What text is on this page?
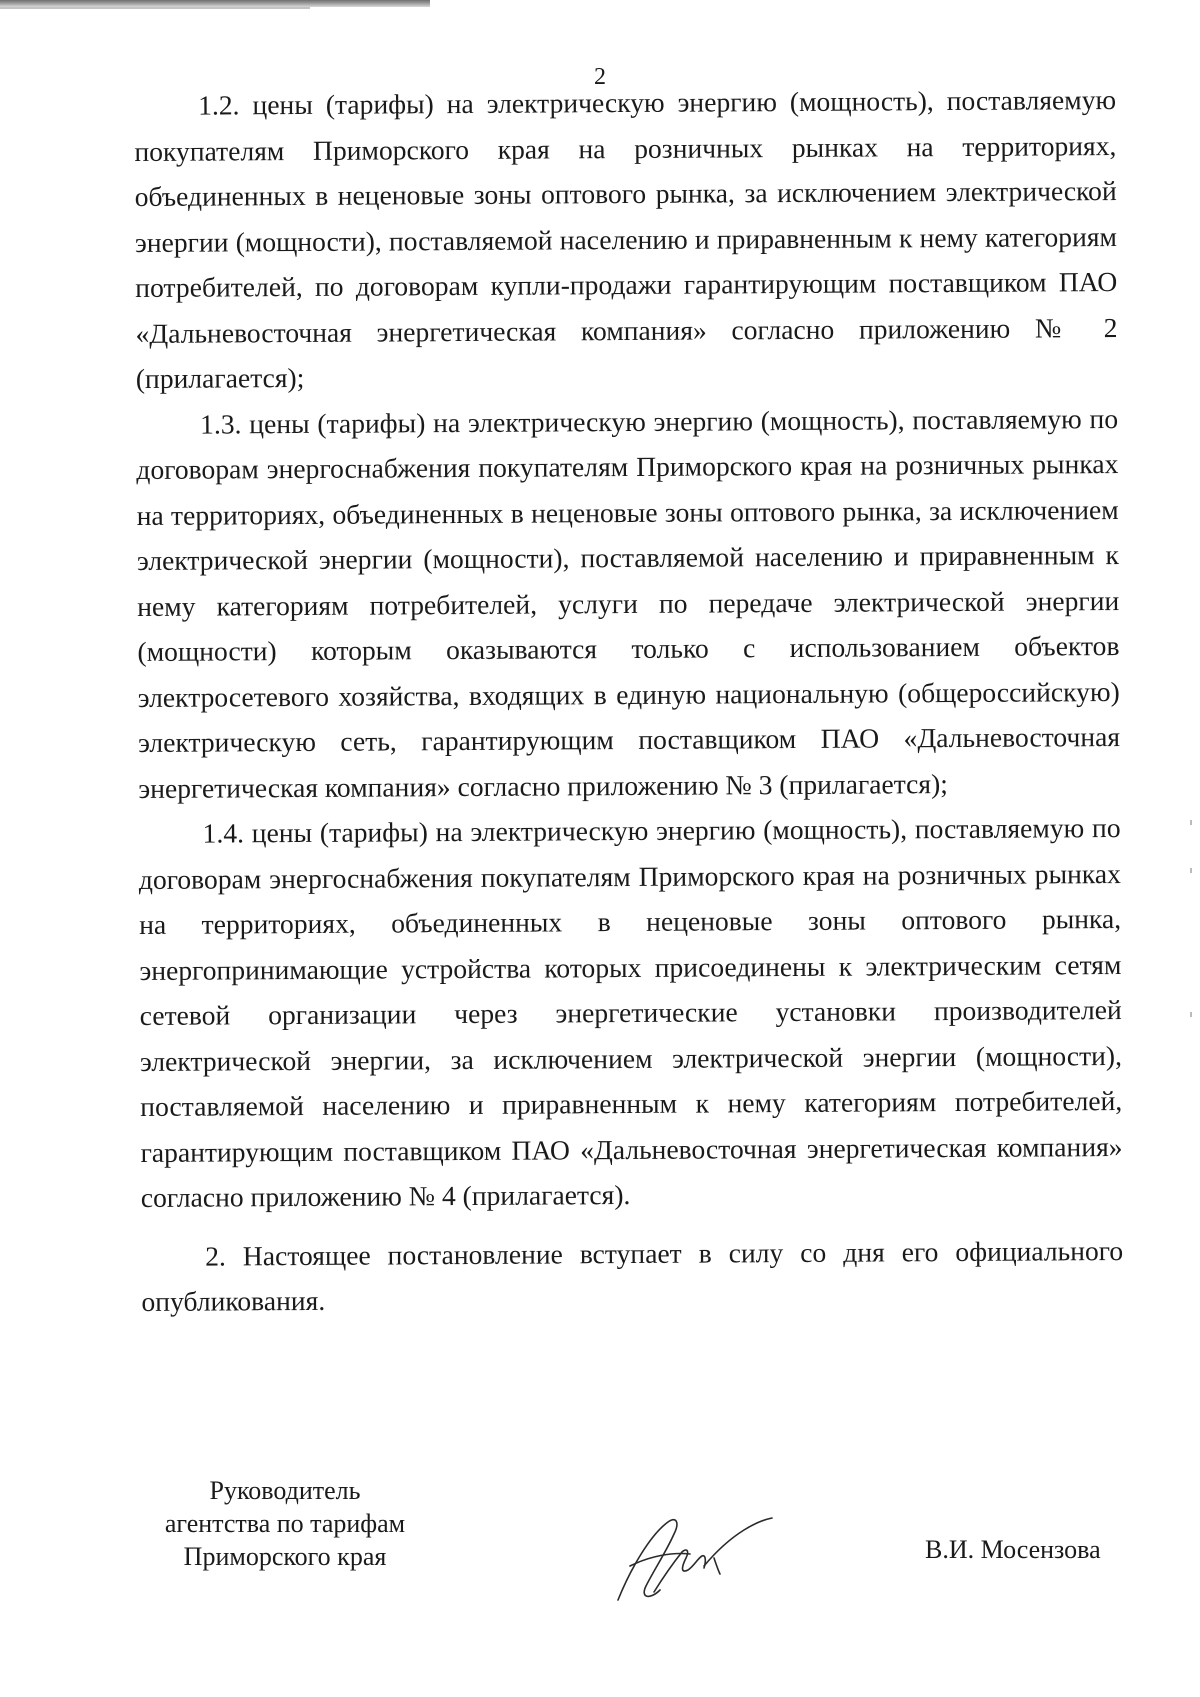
2

1.2. цены (тарифы) на электрическую энергию (мощность), поставляемую покупателям Приморского края на розничных рынках на территориях, объединенных в неценовые зоны оптового рынка, за исключением электрической энергии (мощности), поставляемой населению и приравненным к нему категориям потребителей, по договорам купли-продажи гарантирующим поставщиком ПАО «Дальневосточная энергетическая компания» согласно приложению № 2 (прилагается);

1.3. цены (тарифы) на электрическую энергию (мощность), поставляемую по договорам энергоснабжения покупателям Приморского края на розничных рынках на территориях, объединенных в неценовые зоны оптового рынка, за исключением электрической энергии (мощности), поставляемой населению и приравненным к нему категориям потребителей, услуги по передаче электрической энергии (мощности) которым оказываются только с использованием объектов электросетевого хозяйства, входящих в единую национальную (общероссийскую) электрическую сеть, гарантирующим поставщиком ПАО «Дальневосточная энергетическая компания» согласно приложению № 3 (прилагается);

1.4. цены (тарифы) на электрическую энергию (мощность), поставляемую по договорам энергоснабжения покупателям Приморского края на розничных рынках на территориях, объединенных в неценовые зоны оптового рынка, энергопринимающие устройства которых присоединены к электрическим сетям сетевой организации через энергетические установки производителей электрической энергии, за исключением электрической энергии (мощности), поставляемой населению и приравненным к нему категориям потребителей, гарантирующим поставщиком ПАО «Дальневосточная энергетическая компания» согласно приложению № 4 (прилагается).

2. Настоящее постановление вступает в силу со дня его официального опубликования.

Руководитель
агентства по тарифам
Приморского края	В.И. Мосензова
